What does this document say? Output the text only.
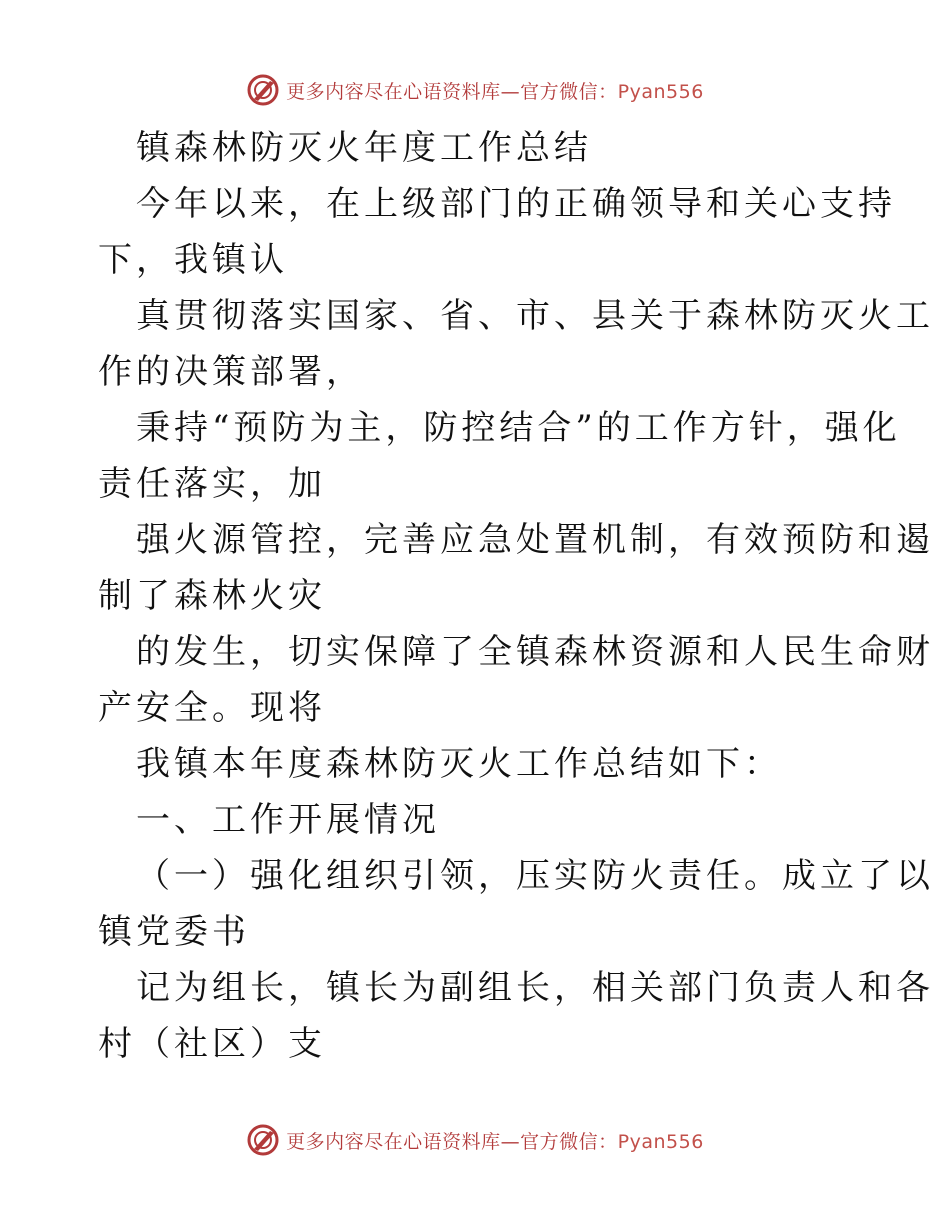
更多内容尽在心语资料库—官方微信：Pyan556

镇森林防灭火年度工作总结

今年以来，在上级部门的正确领导和关心支持

下，我镇认

真贯彻落实国家、省、市、县关于森林防灭火工

作的决策部署，

秉持“预防为主，防控结合”的工作方针，强化

责任落实，加

强火源管控，完善应急处置机制，有效预防和遏

制了森林火灾

的发生，切实保障了全镇森林资源和人民生命财

产安全。现将

我镇本年度森林防灭火工作总结如下：

一、工作开展情况

（一）强化组织引领，压实防火责任。成立了以

镇党委书

记为组长，镇长为副组长，相关部门负责人和各

村（社区）支

更多内容尽在心语资料库—官方微信：Pyan556
